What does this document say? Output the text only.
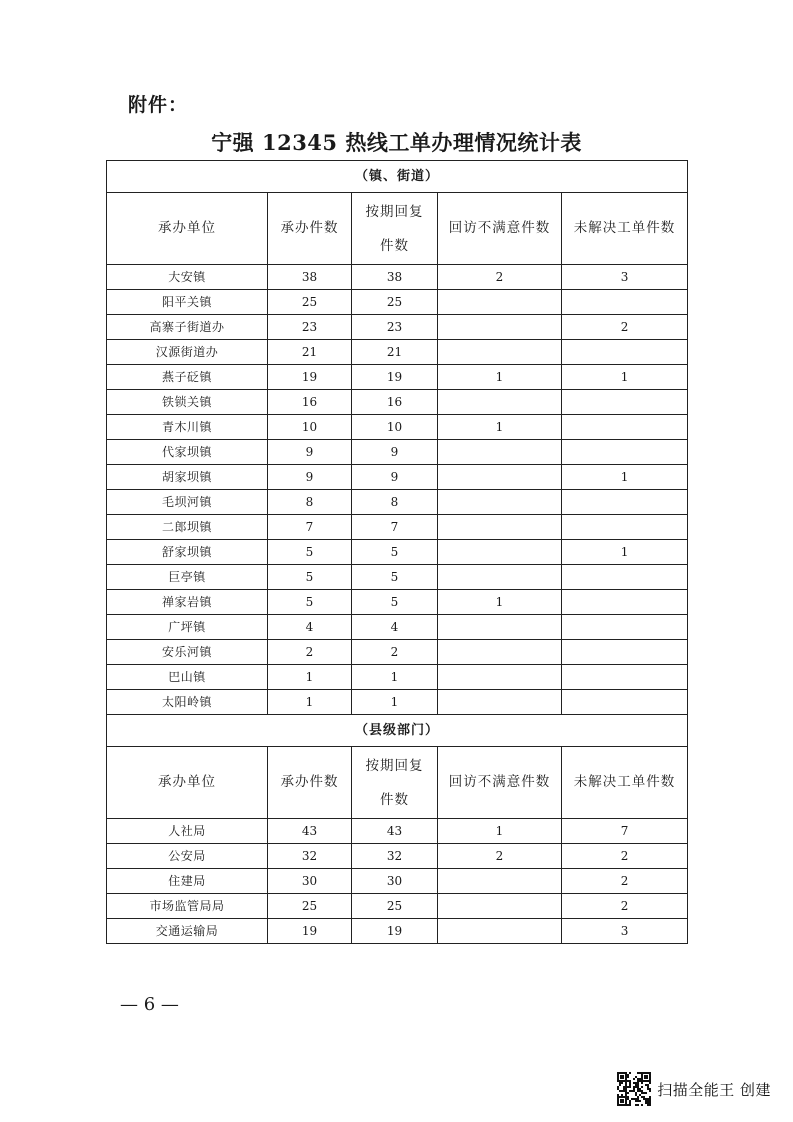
附件：
宁强 12345 热线工单办理情况统计表
（镇、街道）				
承办单位	承办件数	按期回复件数	回访不满意件数	未解决工单件数
大安镇	38	38	2	3
阳平关镇	25	25		
高寨子街道办	23	23		2
汉源街道办	21	21		
燕子砭镇	19	19	1	1
铁锁关镇	16	16		
青木川镇	10	10	1	
代家坝镇	9	9		
胡家坝镇	9	9		1
毛坝河镇	8	8		
二郎坝镇	7	7		
舒家坝镇	5	5		1
巨亭镇	5	5		
禅家岩镇	5	5	1	
广坪镇	4	4		
安乐河镇	2	2		
巴山镇	1	1		
太阳岭镇	1	1		
（县级部门）				
承办单位	承办件数	按期回复件数	回访不满意件数	未解决工单件数
人社局	43	43	1	7
公安局	32	32	2	2
住建局	30	30		2
市场监管局局	25	25		2
交通运输局	19	19		3
— 6 —
扫描全能王 创建
